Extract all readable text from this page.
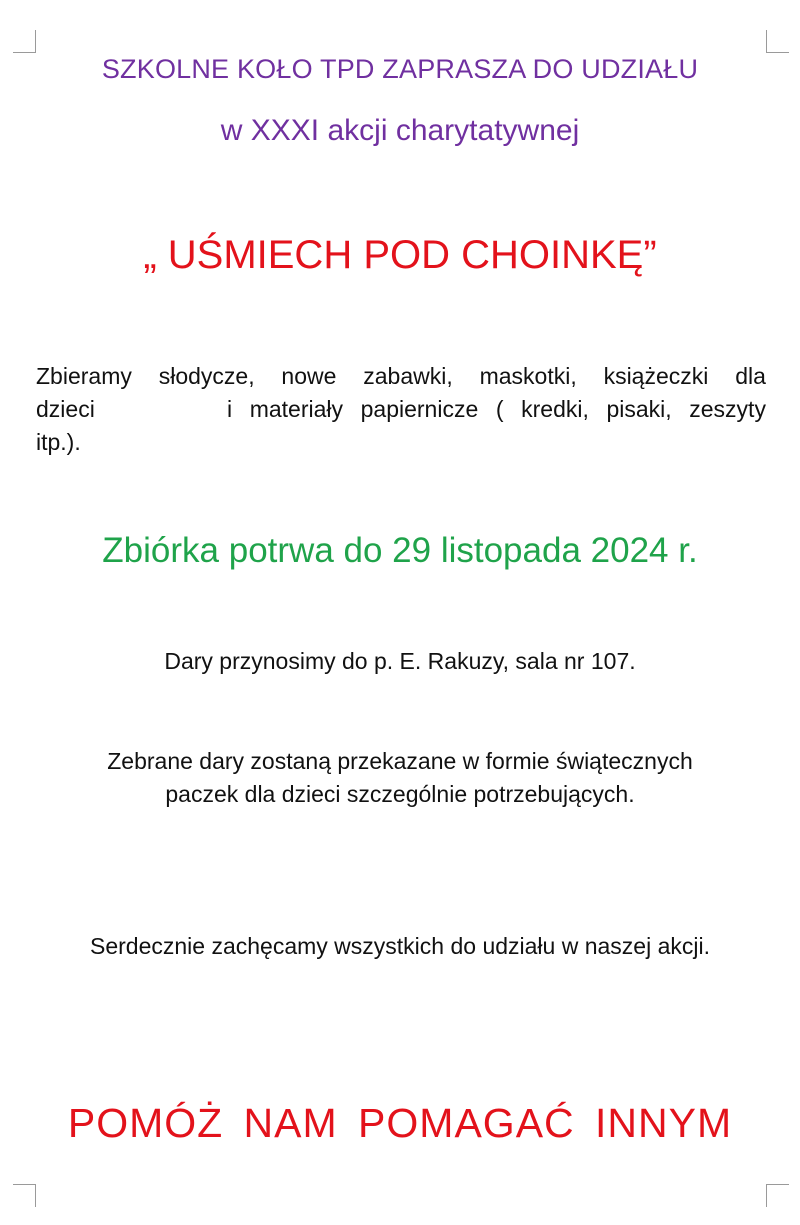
SZKOLNE KOŁO TPD ZAPRASZA DO UDZIAŁU
w XXXI akcji charytatywnej
„ UŚMIECH POD CHOINKĘ”
Zbieramy słodycze, nowe zabawki, maskotki, książeczki dla
dzieci	i materiały papiernicze ( kredki, pisaki, zeszyty
itp.).
Zbiórka potrwa do 29 listopada 2024 r.
Dary przynosimy do p. E. Rakuzy, sala nr 107.
Zebrane dary zostaną przekazane w formie świątecznych
paczek dla dzieci szczególnie potrzebujących.
Serdecznie zachęcamy wszystkich do udziału w naszej akcji.
POMÓŻ NAM POMAGAĆ INNYM
